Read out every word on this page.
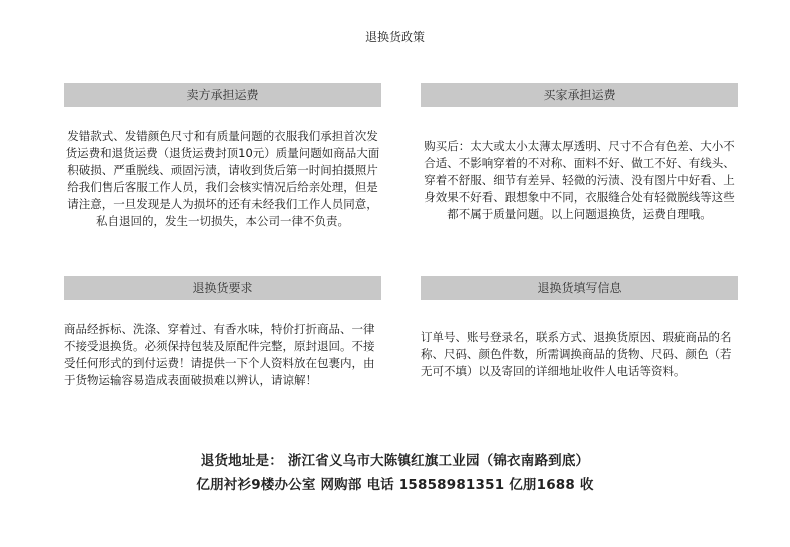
退换货政策
卖方承担运费
发错款式、发错颜色尺寸和有质量问题的衣服我们承担首次发货运费和退货运费（退货运费封顶10元）质量问题如商品大面积破损、严重脱线、顽固污渍，请收到货后第一时间拍摄照片给我们售后客服工作人员，我们会核实情况后给亲处理，但是请注意，一旦发现是人为损坏的还有未经我们工作人员同意，私自退回的，发生一切损失，本公司一律不负责。
买家承担运费
购买后：太大或太小太薄太厚透明、尺寸不合有色差、大小不合适、不影响穿着的不对称、面料不好、做工不好、有线头、穿着不舒服、细节有差异、轻微的污渍、没有图片中好看、上身效果不好看、跟想象中不同，衣服缝合处有轻微脱线等这些都不属于质量问题。以上问题退换货，运费自理哦。
退换货要求
商品经拆标、洗涤、穿着过、有香水味，特价打折商品、一律不接受退换货。必须保持包装及原配件完整，原封退回。不接受任何形式的到付运费！请提供一下个人资料放在包裹内，由于货物运输容易造成表面破损难以辨认，请谅解！
退换货填写信息
订单号、账号登录名，联系方式、退换货原因、瑕疵商品的名称、尺码、颜色件数，所需调换商品的货物、尺码、颜色（若无可不填）以及寄回的详细地址收件人电话等资料。
退货地址是： 浙江省义乌市大陈镇红旗工业园（锦衣南路到底）
亿朋衬衫9楼办公室 网购部 电话 15858981351 亿朋1688 收
